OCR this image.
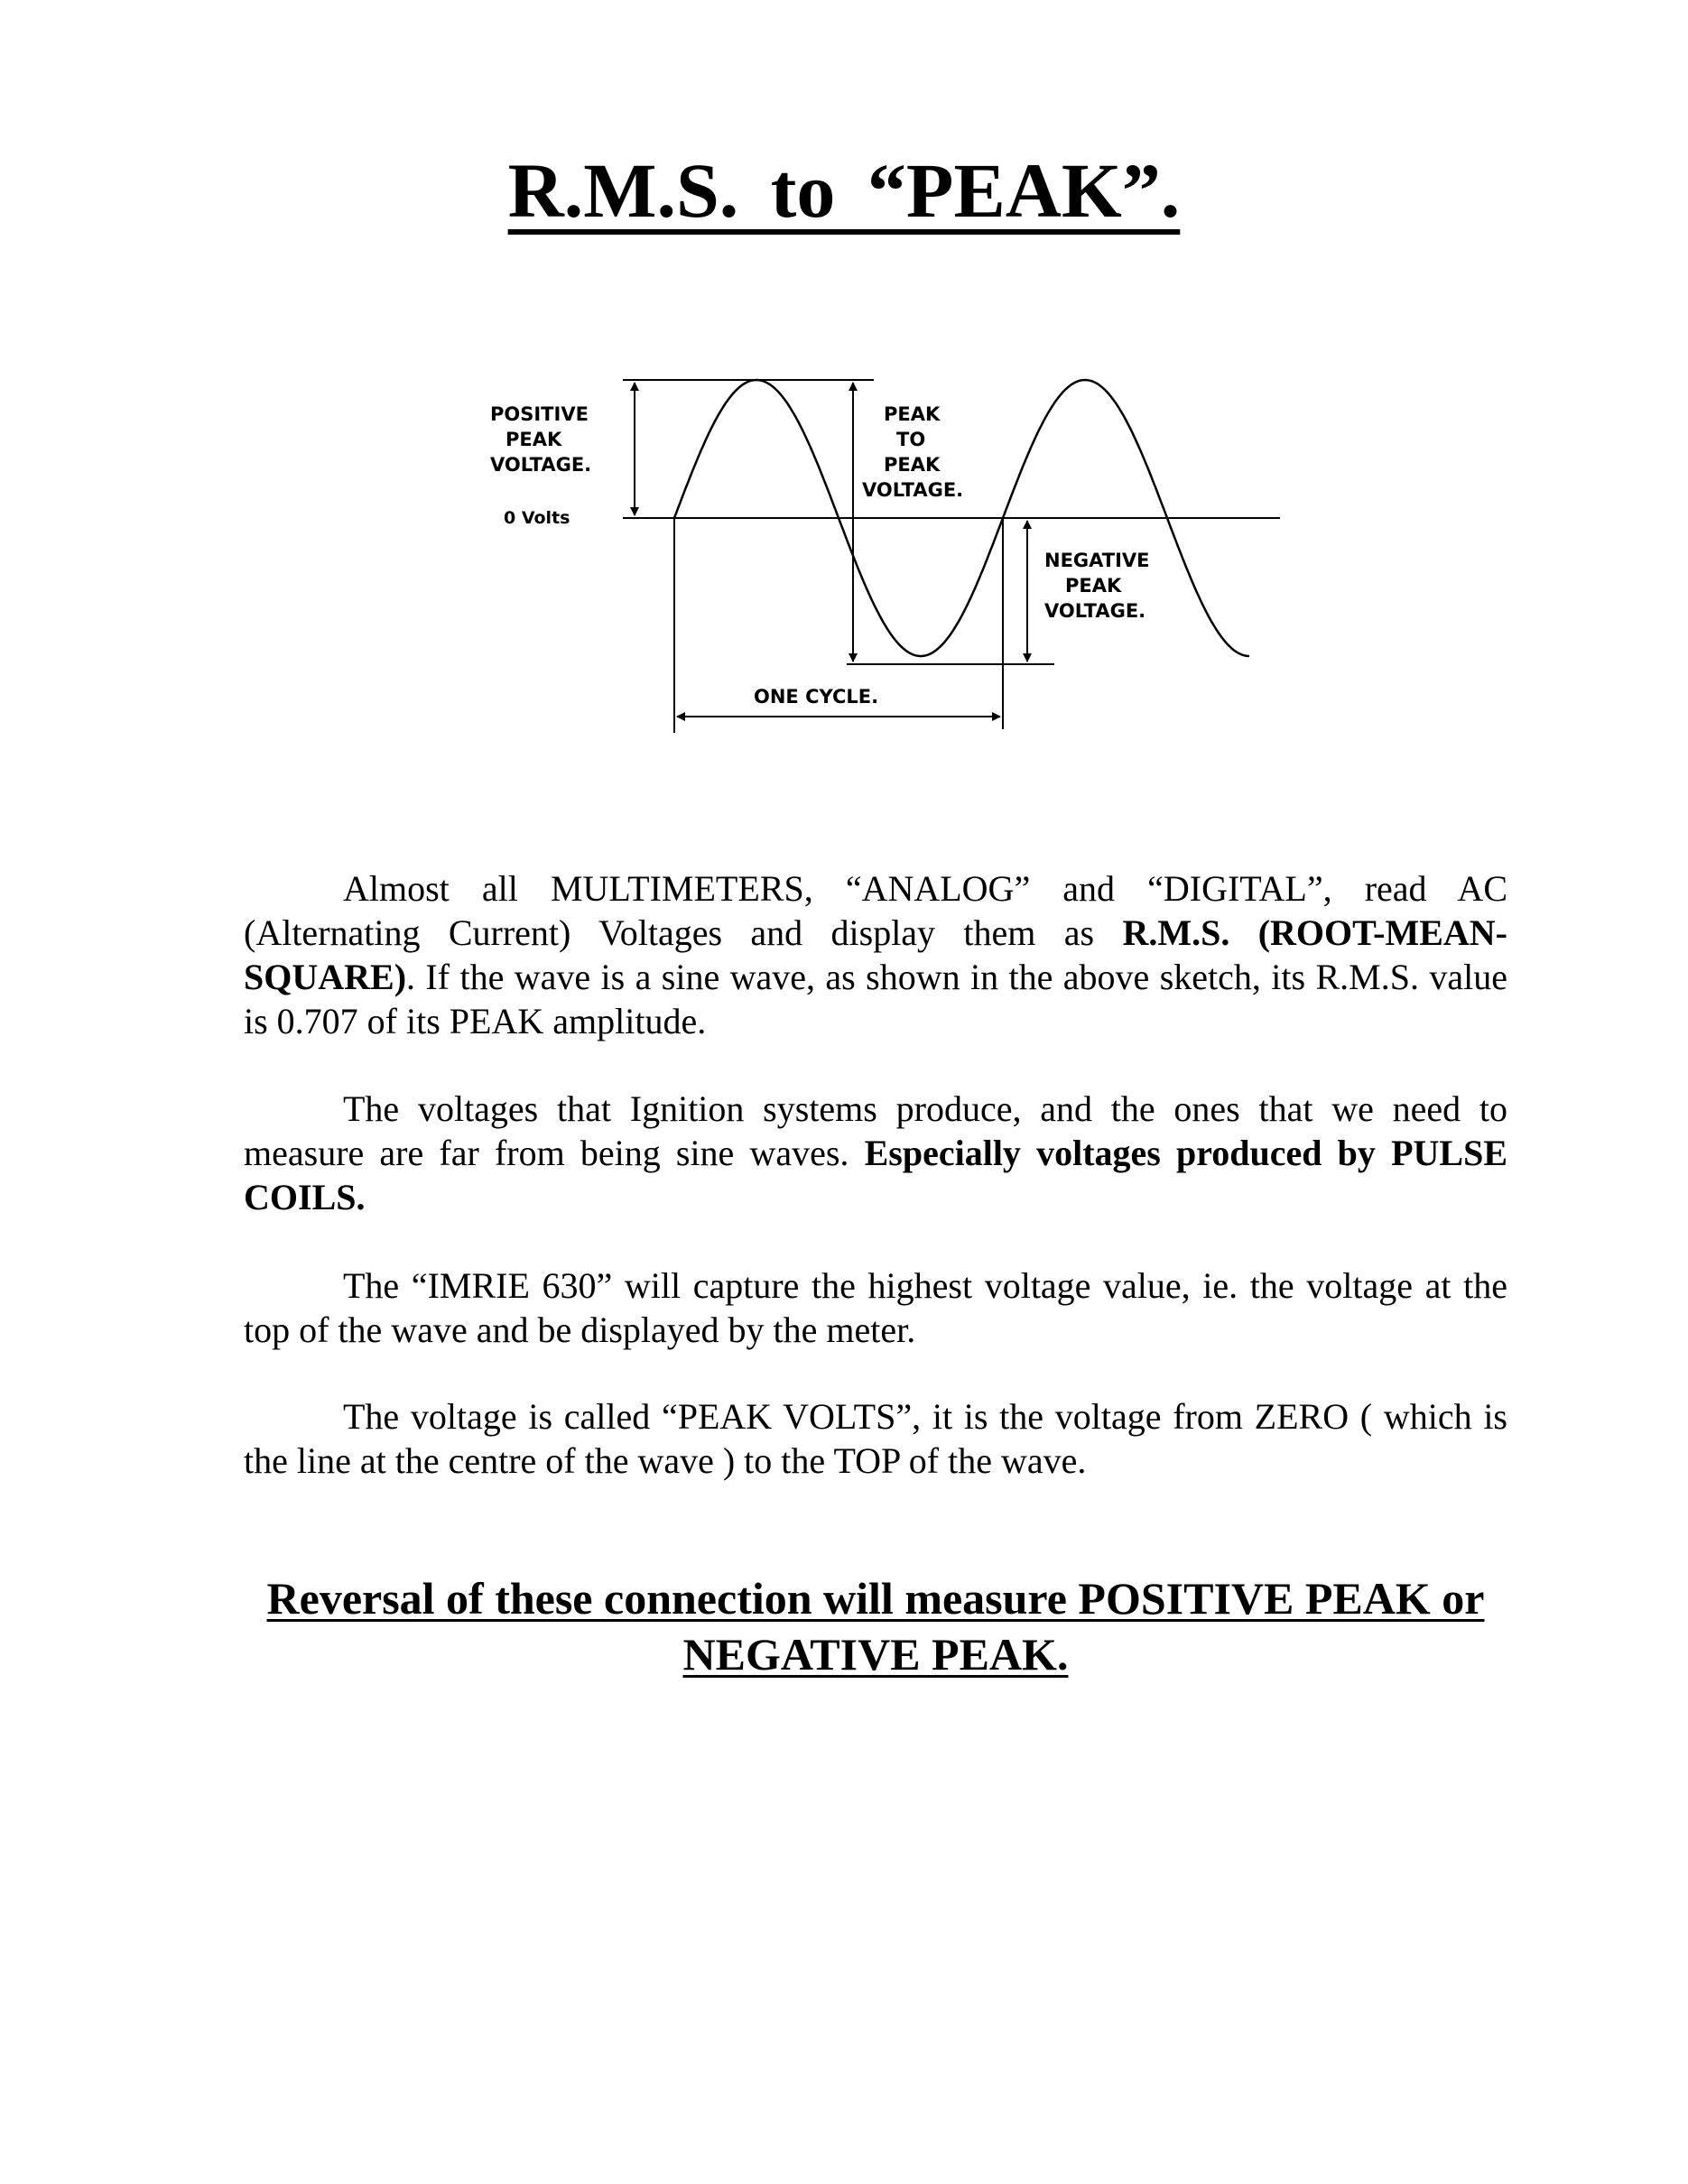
R.M.S. to “PEAK”.
POSITIVE
PEAK
VOLTAGE.
0 Volts
PEAK
TO
PEAK
VOLTAGE.
NEGATIVE
PEAK
VOLTAGE.
ONE CYCLE.

Almost all MULTIMETERS, “ANALOG” and “DIGITAL”, read AC (Alternating Current) Voltages and display them as R.M.S. (ROOT-MEAN-SQUARE). If the wave is a sine wave, as shown in the above sketch, its R.M.S. value is 0.707 of its PEAK amplitude.

The voltages that Ignition systems produce, and the ones that we need to measure are far from being sine waves. Especially voltages produced by PULSE COILS.

The “IMRIE 630” will capture the highest voltage value, ie. the voltage at the top of the wave and be displayed by the meter.

The voltage is called “PEAK VOLTS”, it is the voltage from ZERO ( which is the line at the centre of the wave ) to the TOP of the wave.

Reversal of these connection will measure POSITIVE PEAK or NEGATIVE PEAK.
